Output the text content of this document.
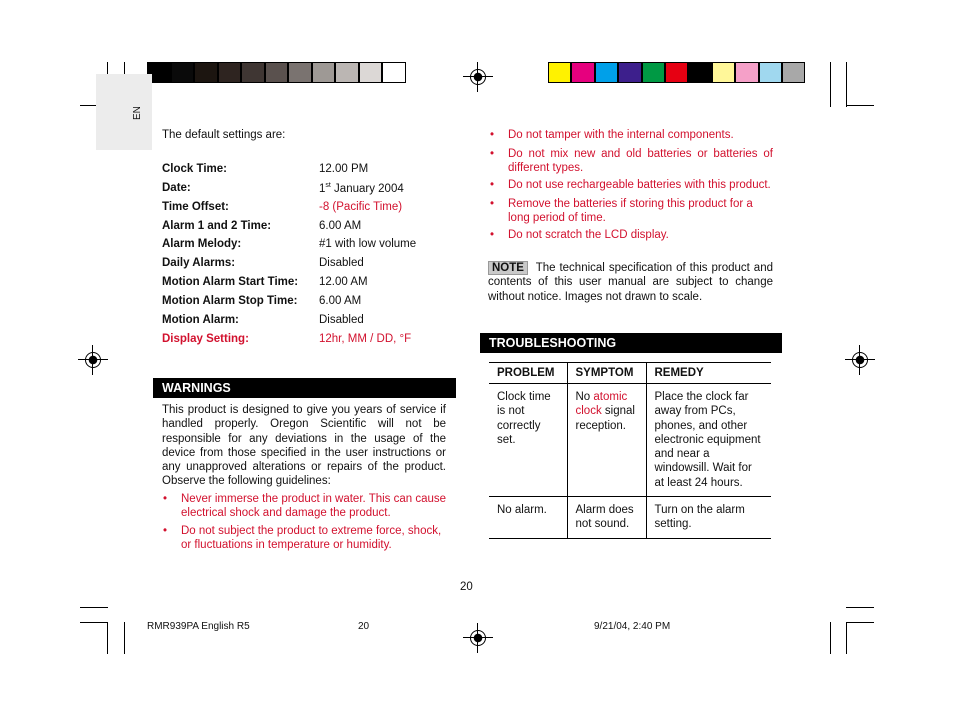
EN
The default settings are:
Clock Time:	12.00 PM
Date:	1st January 2004
Time Offset:	-8 (Pacific Time)
Alarm 1 and 2 Time:	6.00 AM
Alarm Melody:	#1 with low volume
Daily Alarms:	Disabled
Motion Alarm Start Time: 12.00 AM
Motion Alarm Stop Time: 6.00 AM
Motion Alarm:	Disabled
Display Setting:	12hr, MM / DD, °F
WARNINGS
This product is designed to give you years of service if handled properly. Oregon Scientific will not be responsible for any deviations in the usage of the device from those specified in the user instructions or any unapproved alterations or repairs of the product. Observe the following guidelines:
• Never immerse the product in water. This can cause electrical shock and damage the product.
• Do not subject the product to extreme force, shock, or fluctuations in temperature or humidity.
• Do not tamper with the internal components.
• Do not mix new and old batteries or batteries of different types.
• Do not use rechargeable batteries with this product.
• Remove the batteries if storing this product for a long period of time.
• Do not scratch the LCD display.
NOTE The technical specification of this product and contents of this user manual are subject to change without notice. Images not drawn to scale.
TROUBLESHOOTING
PROBLEM	SYMPTOM	REMEDY
Clock time is not correctly set.	No atomic clock signal reception.	Place the clock far away from PCs, phones, and other electronic equipment and near a windowsill. Wait for at least 24 hours.
No alarm.	Alarm does not sound.	Turn on the alarm setting.
20
RMR939PA English R5	20	9/21/04, 2:40 PM
